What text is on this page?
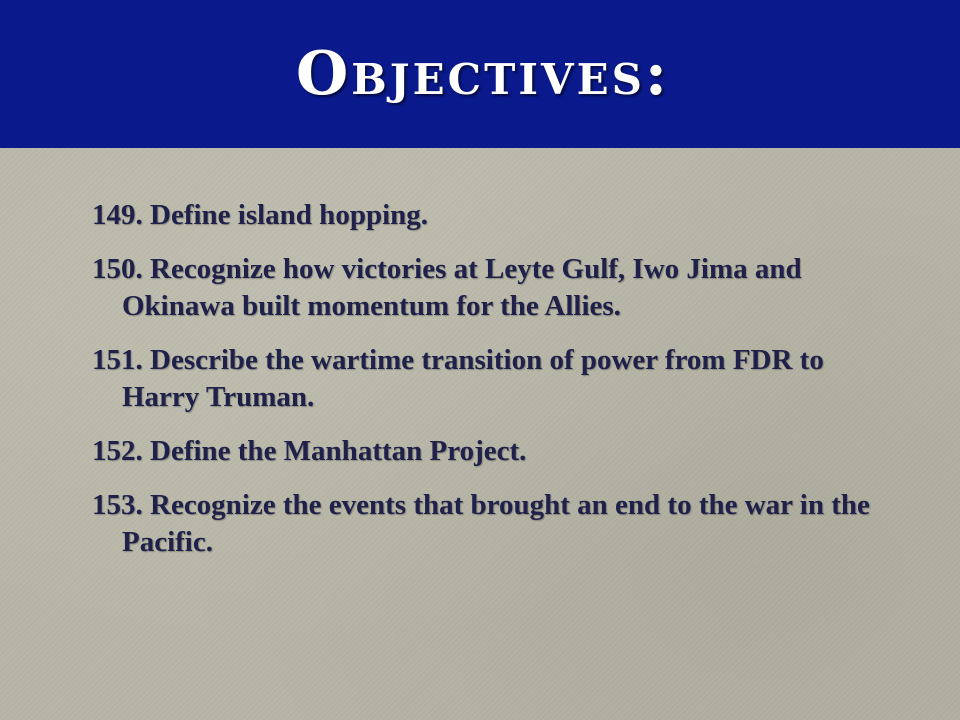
Objectives:
149. Define island hopping.
150. Recognize how victories at Leyte Gulf, Iwo Jima and Okinawa built momentum for the Allies.
151. Describe the wartime transition of power from FDR to Harry Truman.
152. Define the Manhattan Project.
153. Recognize the events that brought an end to the war in the Pacific.
